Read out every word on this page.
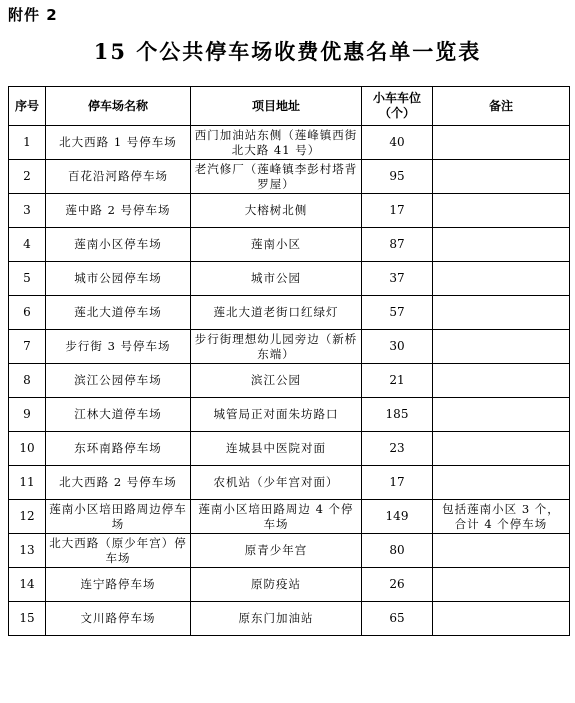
附件 2
15 个公共停车场收费优惠名单一览表
序号	停车场名称	项目地址	小车车位（个）	备注
1	北大西路 1 号停车场	西门加油站东侧（莲峰镇西街北大路 41 号）	40	
2	百花沿河路停车场	老汽修厂（莲峰镇李彭村塔背罗屋）	95	
3	莲中路 2 号停车场	大榕树北侧	17	
4	莲南小区停车场	莲南小区	87	
5	城市公园停车场	城市公园	37	
6	莲北大道停车场	莲北大道老街口红绿灯	57	
7	步行街 3 号停车场	步行街理想幼儿园旁边（新桥东端）	30	
8	滨江公园停车场	滨江公园	21	
9	江林大道停车场	城管局正对面朱坊路口	185	
10	东环南路停车场	连城县中医院对面	23	
11	北大西路 2 号停车场	农机站（少年宫对面）	17	
12	莲南小区培田路周边停车场	莲南小区培田路周边 4 个停车场	149	包括莲南小区 3 个，合计 4 个停车场
13	北大西路（原少年宫）停车场	原青少年宫	80	
14	连宁路停车场	原防疫站	26	
15	文川路停车场	原东门加油站	65	
